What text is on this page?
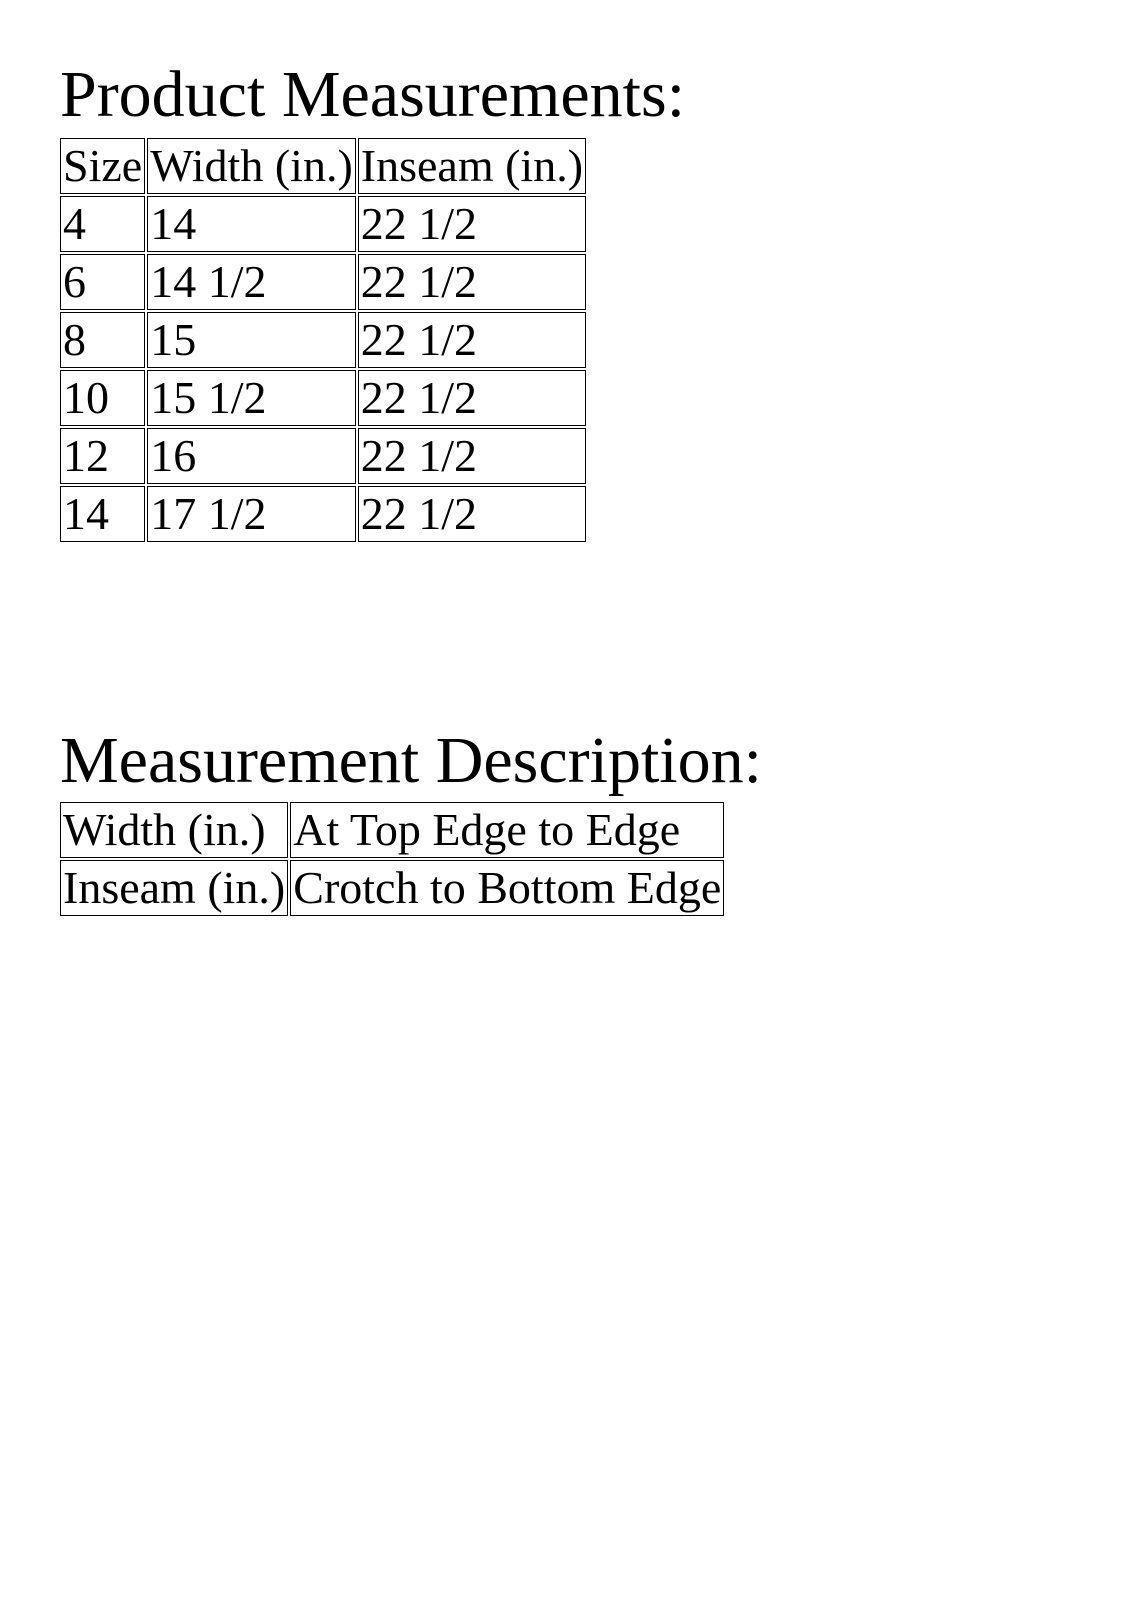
Product Measurements:
Size	Width (in.)	Inseam (in.)
4	14	22 1/2
6	14 1/2	22 1/2
8	15	22 1/2
10	15 1/2	22 1/2
12	16	22 1/2
14	17 1/2	22 1/2
Measurement Description:
Width (in.)	At Top Edge to Edge
Inseam (in.)	Crotch to Bottom Edge
